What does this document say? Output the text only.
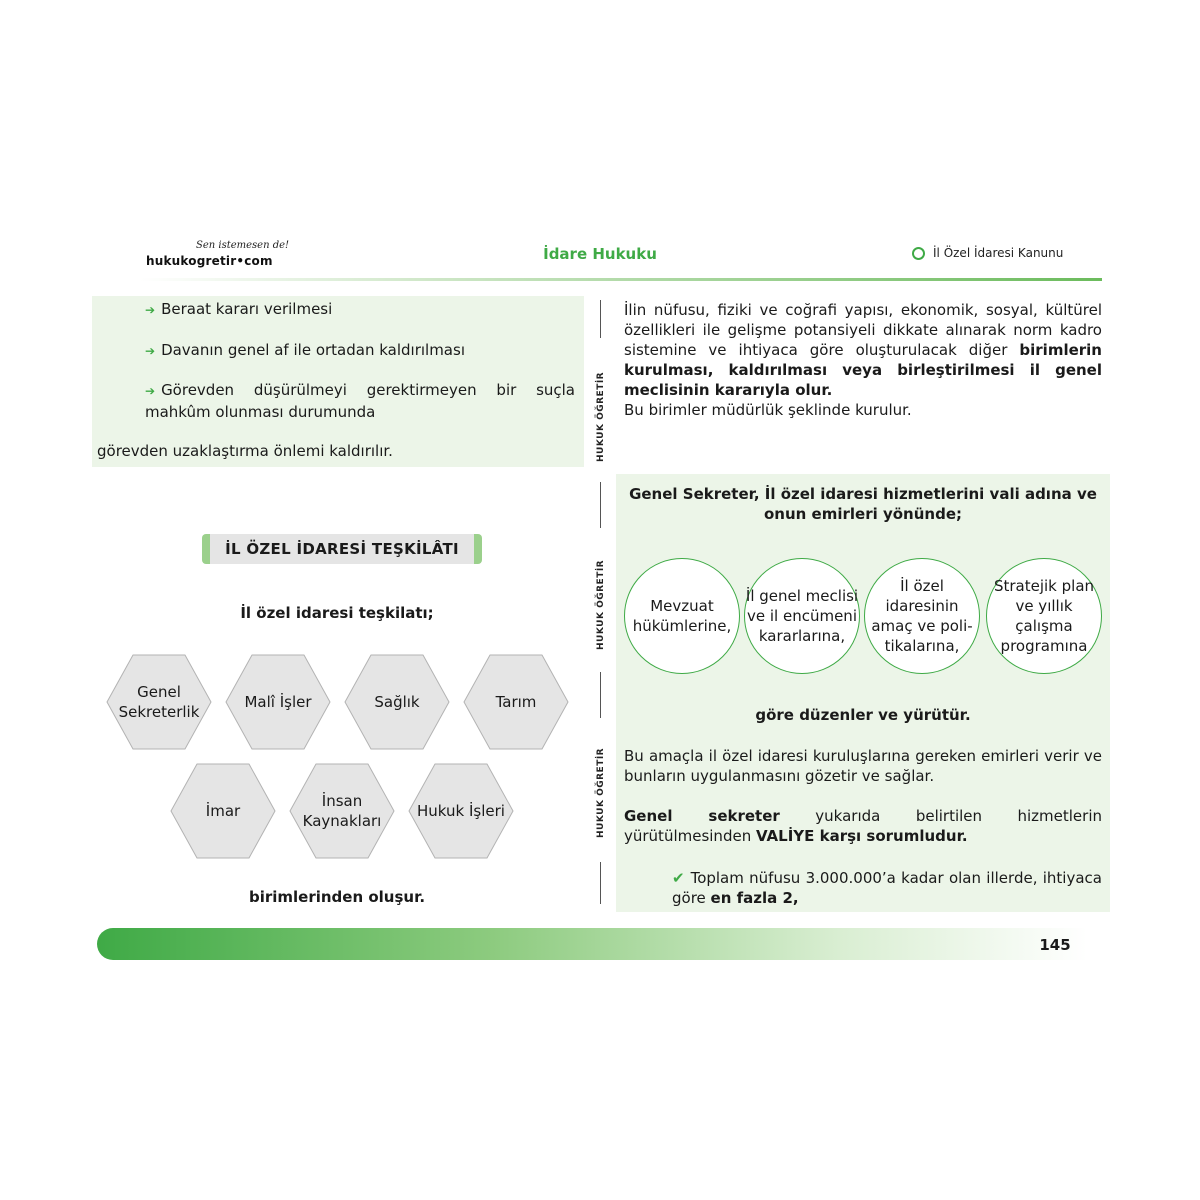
Sen istemesen de!
hukukogretir•com	İdare Hukuku	İl Özel İdaresi Kanunu
➔ Beraat kararı verilmesi
➔ Davanın genel af ile ortadan kaldırılması
➔ Görevden düşürülmeyi gerektirmeyen bir suçla mahkûm olunması durumunda
görevden uzaklaştırma önlemi kaldırılır.
İL ÖZEL İDARESİ TEŞKİLÂTI
İl özel idaresi teşkilatı;
Genel Sekreterlik
Malî İşler	Sağlık	Tarım
İmar
İnsan Kaynakları
Hukuk İşleri
birimlerinden oluşur.
HUKUK ÖĞRETİR
HUKUK ÖĞRETİR
HUKUK ÖĞRETİR
İlin nüfusu, fiziki ve coğrafi yapısı, ekonomik, sosyal, kültürel özellikleri ile gelişme potansiyeli dikkate alınarak norm kadro sistemine ve ihtiyaca göre oluşturulacak diğer birimlerin kurulması, kaldırılması veya birleştirilmesi il genel meclisinin kararıyla olur.
Bu birimler müdürlük şeklinde kurulur.
Genel Sekreter, İl özel idaresi hizmetlerini vali adına ve onun emirleri yönünde;
Mevzuat hükümlerine,
İl genel meclisi ve il encümeni kararlarına,
İl özel idaresinin amaç ve poli-tikalarına,
Stratejik plan ve yıllık çalışma programına
göre düzenler ve yürütür.
Bu amaçla il özel idaresi kuruluşlarına gereken emirleri verir ve bunların uygulanmasını gözetir ve sağlar.
Genel sekreter yukarıda belirtilen hizmetlerin yürütülmesinden VALİYE karşı sorumludur.
✔ Toplam nüfusu 3.000.000’a kadar olan illerde, ihtiyaca göre en fazla 2,
145
